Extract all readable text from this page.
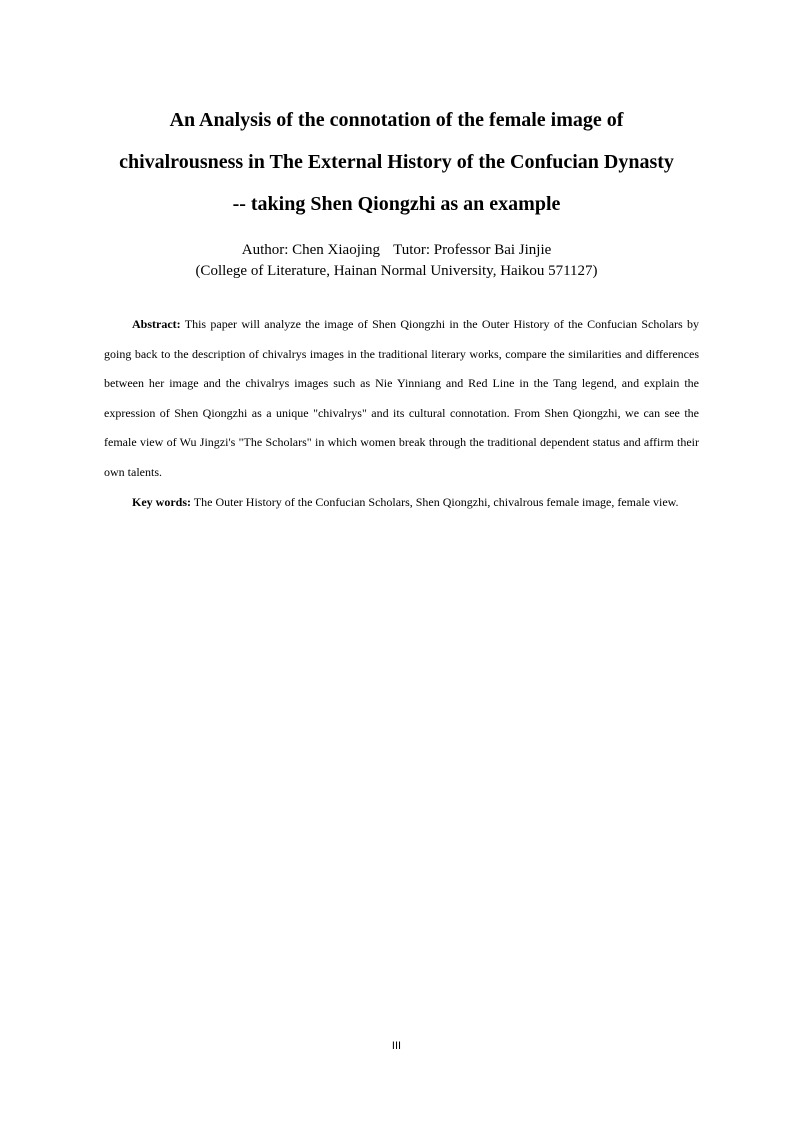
An Analysis of the connotation of the female image of
chivalrousness in The External History of the Confucian Dynasty
-- taking Shen Qiongzhi as an example
Author: Chen Xiaojing Tutor: Professor Bai Jinjie
(College of Literature, Hainan Normal University, Haikou 571127)

Abstract: This paper will analyze the image of Shen Qiongzhi in the Outer History of the Confucian Scholars by going back to the description of chivalrys images in the traditional literary works, compare the similarities and differences between her image and the chivalrys images such as Nie Yinniang and Red Line in the Tang legend, and explain the expression of Shen Qiongzhi as a unique "chivalrys" and its cultural connotation. From Shen Qiongzhi, we can see the female view of Wu Jingzi's "The Scholars" in which women break through the traditional dependent status and affirm their own talents.

Key words: The Outer History of the Confucian Scholars, Shen Qiongzhi, chivalrous female image, female view.

III
